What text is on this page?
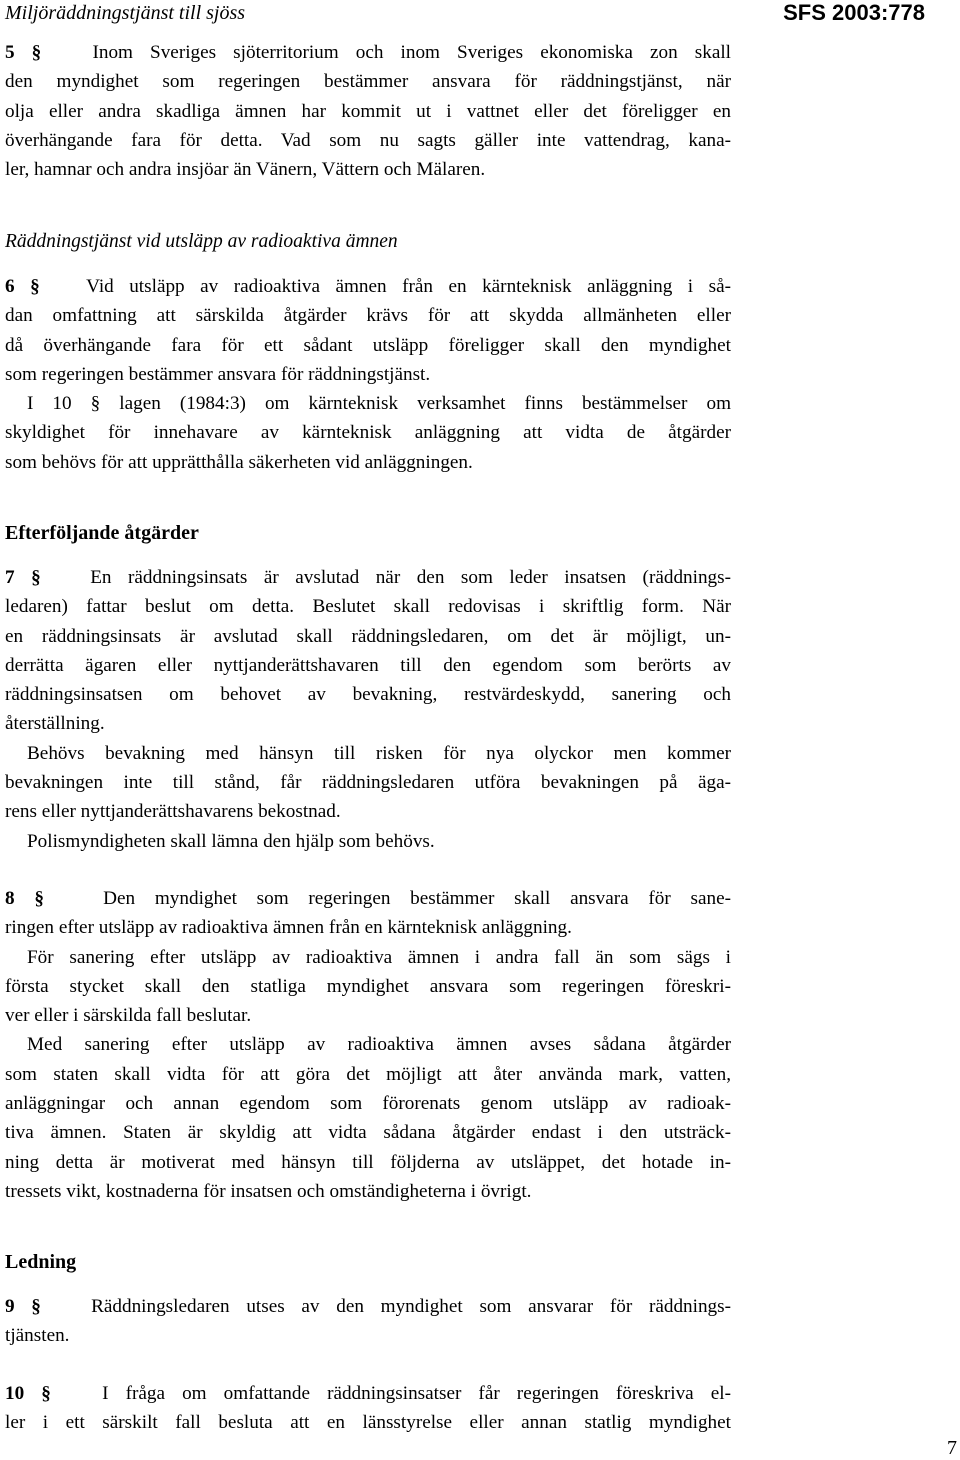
Miljöräddningstjänst till sjöss	SFS 2003:778
5 §	Inom Sveriges sjöterritorium och inom Sveriges ekonomiska zon skall
den myndighet som regeringen bestämmer ansvara för räddningstjänst, när
olja eller andra skadliga ämnen har kommit ut i vattnet eller det föreligger en
överhängande fara för detta. Vad som nu sagts gäller inte vattendrag, kana-
ler, hamnar och andra insjöar än Vänern, Vättern och Mälaren.
Räddningstjänst vid utsläpp av radioaktiva ämnen
6 § Vid utsläpp av radioaktiva ämnen från en kärnteknisk anläggning i så-
dan omfattning att särskilda åtgärder krävs för att skydda allmänheten eller
då överhängande fara för ett sådant utsläpp föreligger skall den myndighet
som regeringen bestämmer ansvara för räddningstjänst.
I 10 § lagen (1984:3) om kärnteknisk verksamhet finns bestämmelser om
skyldighet för innehavare av kärnteknisk anläggning att vidta de åtgärder
som behövs för att upprätthålla säkerheten vid anläggningen.
Efterföljande åtgärder
7 §	En räddningsinsats är avslutad när den som leder insatsen (räddnings-
ledaren) fattar beslut om detta. Beslutet skall redovisas i skriftlig form. När
en räddningsinsats är avslutad skall räddningsledaren, om det är möjligt, un-
derrätta ägaren eller nyttjanderättshavaren till den egendom som berörts av
räddningsinsatsen om behovet av bevakning, restvärdeskydd, sanering och
återställning.
Behövs bevakning med hänsyn till risken för nya olyckor men kommer
bevakningen inte till stånd, får räddningsledaren utföra bevakningen på äga-
rens eller nyttjanderättshavarens bekostnad.
Polismyndigheten skall lämna den hjälp som behövs.
8 §	Den myndighet som regeringen bestämmer skall ansvara för sane-
ringen efter utsläpp av radioaktiva ämnen från en kärnteknisk anläggning.
För sanering efter utsläpp av radioaktiva ämnen i andra fall än som sägs i
första stycket skall den statliga myndighet ansvara som regeringen föreskri-
ver eller i särskilda fall beslutar.
Med sanering efter utsläpp av radioaktiva ämnen avses sådana åtgärder
som staten skall vidta för att göra det möjligt att åter använda mark, vatten,
anläggningar och annan egendom som förorenats genom utsläpp av radioak-
tiva ämnen. Staten är skyldig att vidta sådana åtgärder endast i den utsträck-
ning detta är motiverat med hänsyn till följderna av utsläppet, det hotade in-
tressets vikt, kostnaderna för insatsen och omständigheterna i övrigt.
Ledning
9 §	Räddningsledaren utses av den myndighet som ansvarar för räddnings-
tjänsten.
10 §	I fråga om omfattande räddningsinsatser får regeringen föreskriva el-
ler i ett särskilt fall besluta att en länsstyrelse eller annan statlig myndighet
7
